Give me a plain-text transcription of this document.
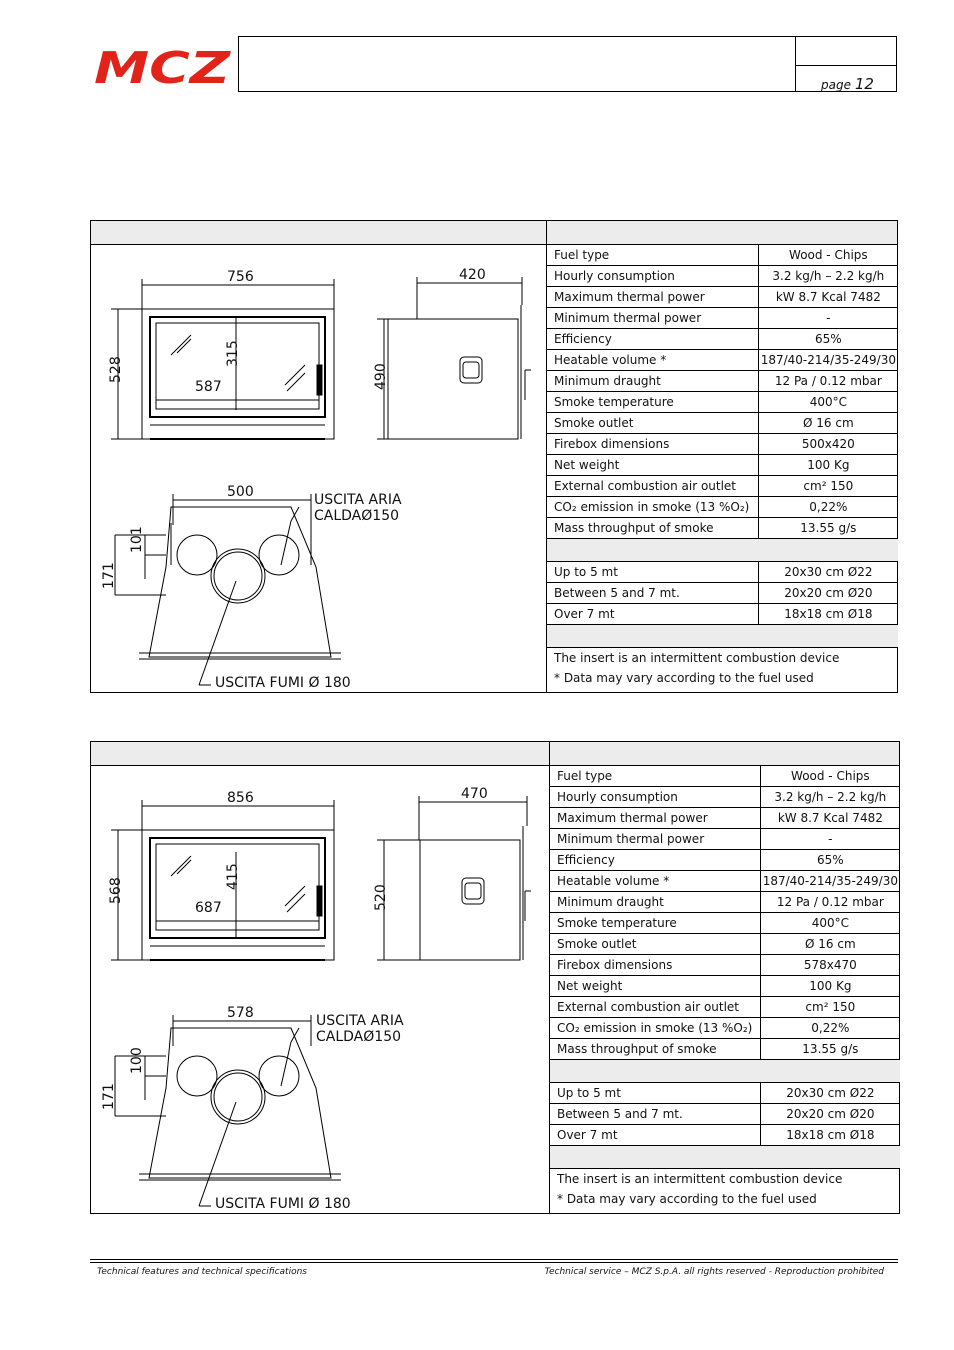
MCZ	page 12
756	420
587
528
315
490
500
101
171
USCITA ARIA
CALDAØ150
USCITA FUMI Ø 180
Fuel type	Wood - Chips
Hourly consumption	3.2 kg/h – 2.2 kg/h
Maximum thermal power	kW 8.7 Kcal 7482
Minimum thermal power	-
Efficiency	65%
Heatable volume *	187/40-214/35-249/30
Minimum draught	12 Pa / 0.12 mbar
Smoke temperature	400°C
Smoke outlet	Ø 16 cm
Firebox dimensions	500x420
Net weight	100 Kg
External combustion air outlet	cm² 150
CO₂ emission in smoke (13 %O₂)	0,22%
Mass throughput of smoke	13.55 g/s

Up to 5 mt	20x30 cm Ø22
Between 5 and 7 mt.	20x20 cm Ø20
Over 7 mt	18x18 cm Ø18

The insert is an intermittent combustion device	
* Data may vary according to the fuel used	
856	470
687
568
415
520
578
100
171
USCITA ARIA
CALDAØ150
USCITA FUMI Ø 180
Fuel type	Wood - Chips
Hourly consumption	3.2 kg/h – 2.2 kg/h
Maximum thermal power	kW 8.7 Kcal 7482
Minimum thermal power	-
Efficiency	65%
Heatable volume *	187/40-214/35-249/30
Minimum draught	12 Pa / 0.12 mbar
Smoke temperature	400°C
Smoke outlet	Ø 16 cm
Firebox dimensions	578x470
Net weight	100 Kg
External combustion air outlet	cm² 150
CO₂ emission in smoke (13 %O₂)	0,22%
Mass throughput of smoke	13.55 g/s

Up to 5 mt	20x30 cm Ø22
Between 5 and 7 mt.	20x20 cm Ø20
Over 7 mt	18x18 cm Ø18

The insert is an intermittent combustion device	
* Data may vary according to the fuel used	
Technical features and technical specifications	Technical service – MCZ S.p.A. all rights reserved - Reproduction prohibited
